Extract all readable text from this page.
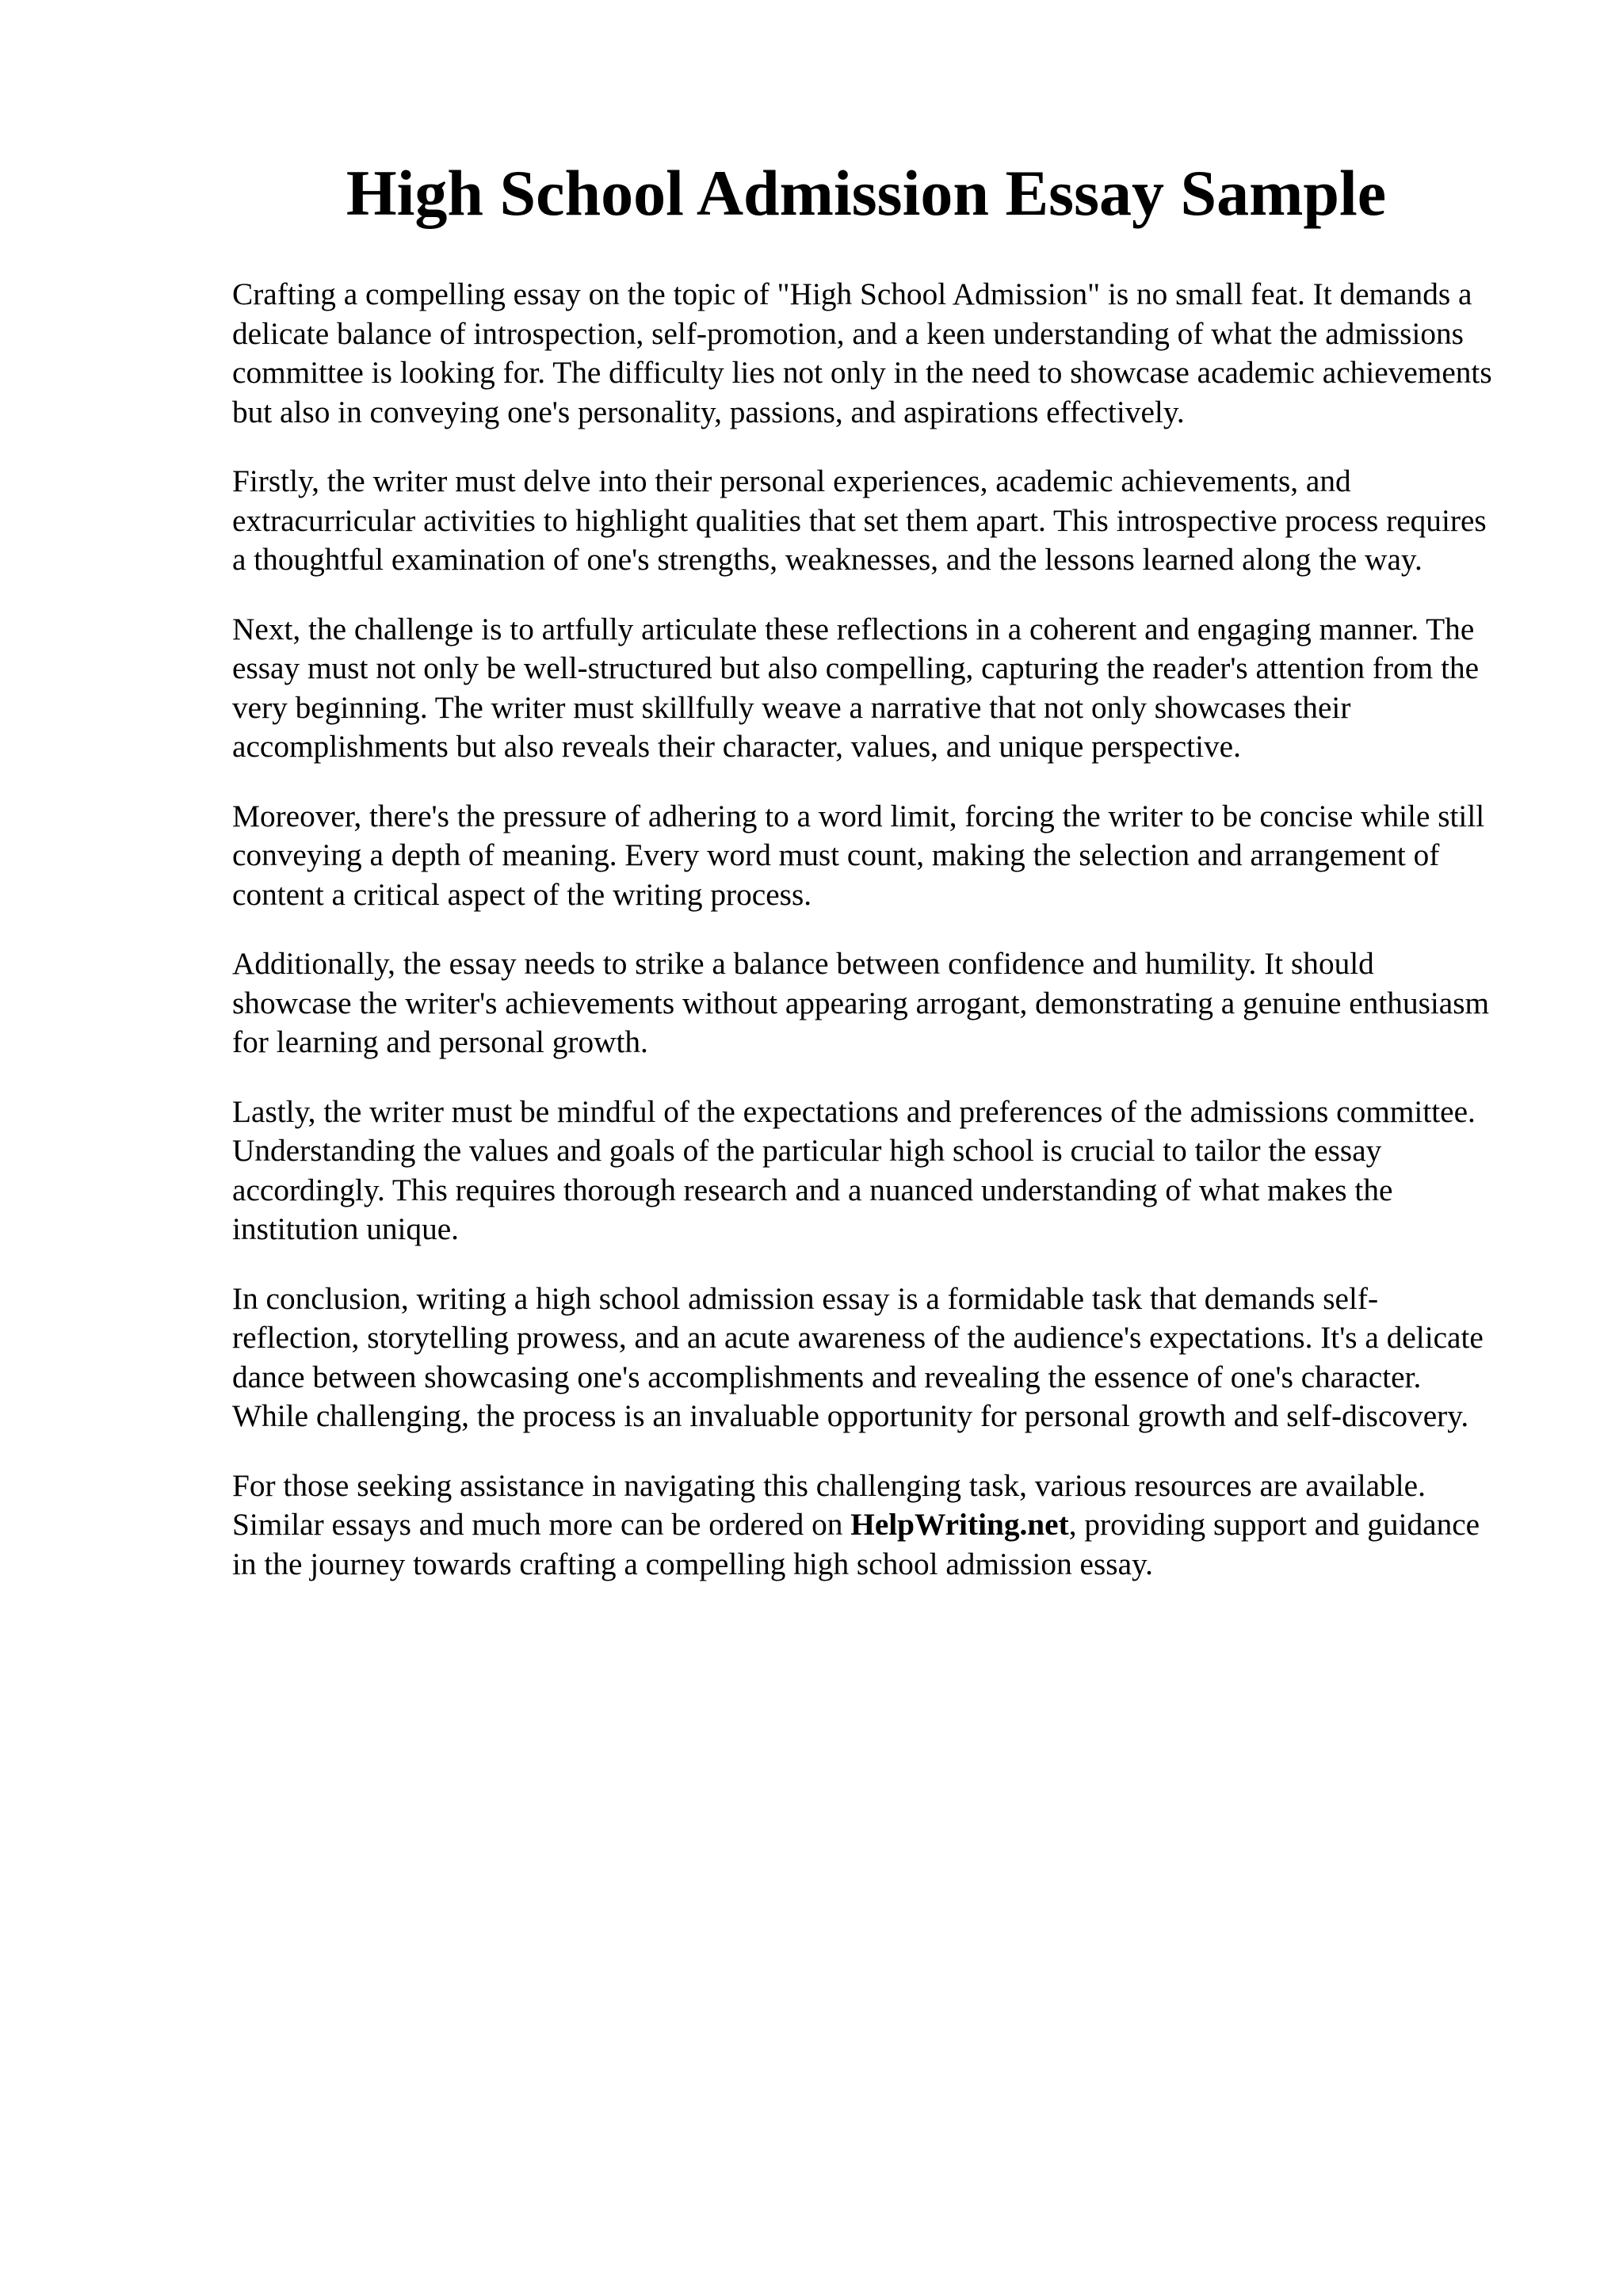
High School Admission Essay Sample

Crafting a compelling essay on the topic of "High School Admission" is no small feat. It demands a delicate balance of introspection, self-promotion, and a keen understanding of what the admissions committee is looking for. The difficulty lies not only in the need to showcase academic achievements but also in conveying one's personality, passions, and aspirations effectively.

Firstly, the writer must delve into their personal experiences, academic achievements, and extracurricular activities to highlight qualities that set them apart. This introspective process requires a thoughtful examination of one's strengths, weaknesses, and the lessons learned along the way.

Next, the challenge is to artfully articulate these reflections in a coherent and engaging manner. The essay must not only be well-structured but also compelling, capturing the reader's attention from the very beginning. The writer must skillfully weave a narrative that not only showcases their accomplishments but also reveals their character, values, and unique perspective.

Moreover, there's the pressure of adhering to a word limit, forcing the writer to be concise while still conveying a depth of meaning. Every word must count, making the selection and arrangement of content a critical aspect of the writing process.

Additionally, the essay needs to strike a balance between confidence and humility. It should showcase the writer's achievements without appearing arrogant, demonstrating a genuine enthusiasm for learning and personal growth.

Lastly, the writer must be mindful of the expectations and preferences of the admissions committee. Understanding the values and goals of the particular high school is crucial to tailor the essay accordingly. This requires thorough research and a nuanced understanding of what makes the institution unique.

In conclusion, writing a high school admission essay is a formidable task that demands self-reflection, storytelling prowess, and an acute awareness of the audience's expectations. It's a delicate dance between showcasing one's accomplishments and revealing the essence of one's character. While challenging, the process is an invaluable opportunity for personal growth and self-discovery.

For those seeking assistance in navigating this challenging task, various resources are available. Similar essays and much more can be ordered on HelpWriting.net, providing support and guidance in the journey towards crafting a compelling high school admission essay.
